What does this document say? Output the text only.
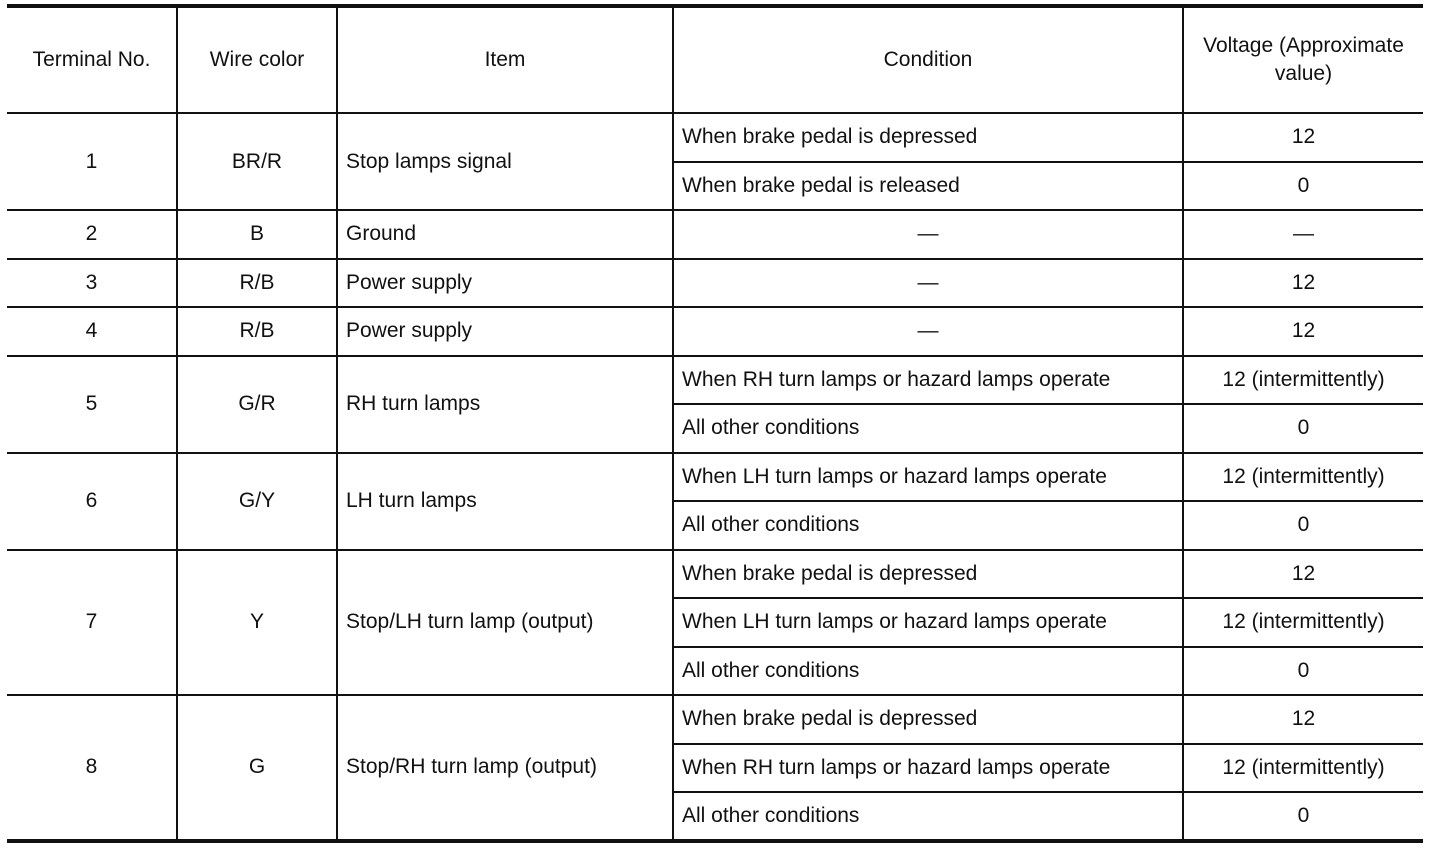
Terminal No.	Wire color	Item	Condition	Voltage (Approximate value)
1	BR/R	Stop lamps signal	When brake pedal is depressed	12
			When brake pedal is released	0
2	B	Ground	—	—
3	R/B	Power supply	—	12
4	R/B	Power supply	—	12
5	G/R	RH turn lamps	When RH turn lamps or hazard lamps operate	12 (intermittently)
			All other conditions	0
6	G/Y	LH turn lamps	When LH turn lamps or hazard lamps operate	12 (intermittently)
			All other conditions	0
7	Y	Stop/LH turn lamp (output)	When brake pedal is depressed	12
			When LH turn lamps or hazard lamps operate	12 (intermittently)
			All other conditions	0
8	G	Stop/RH turn lamp (output)	When brake pedal is depressed	12
			When RH turn lamps or hazard lamps operate	12 (intermittently)
			All other conditions	0
